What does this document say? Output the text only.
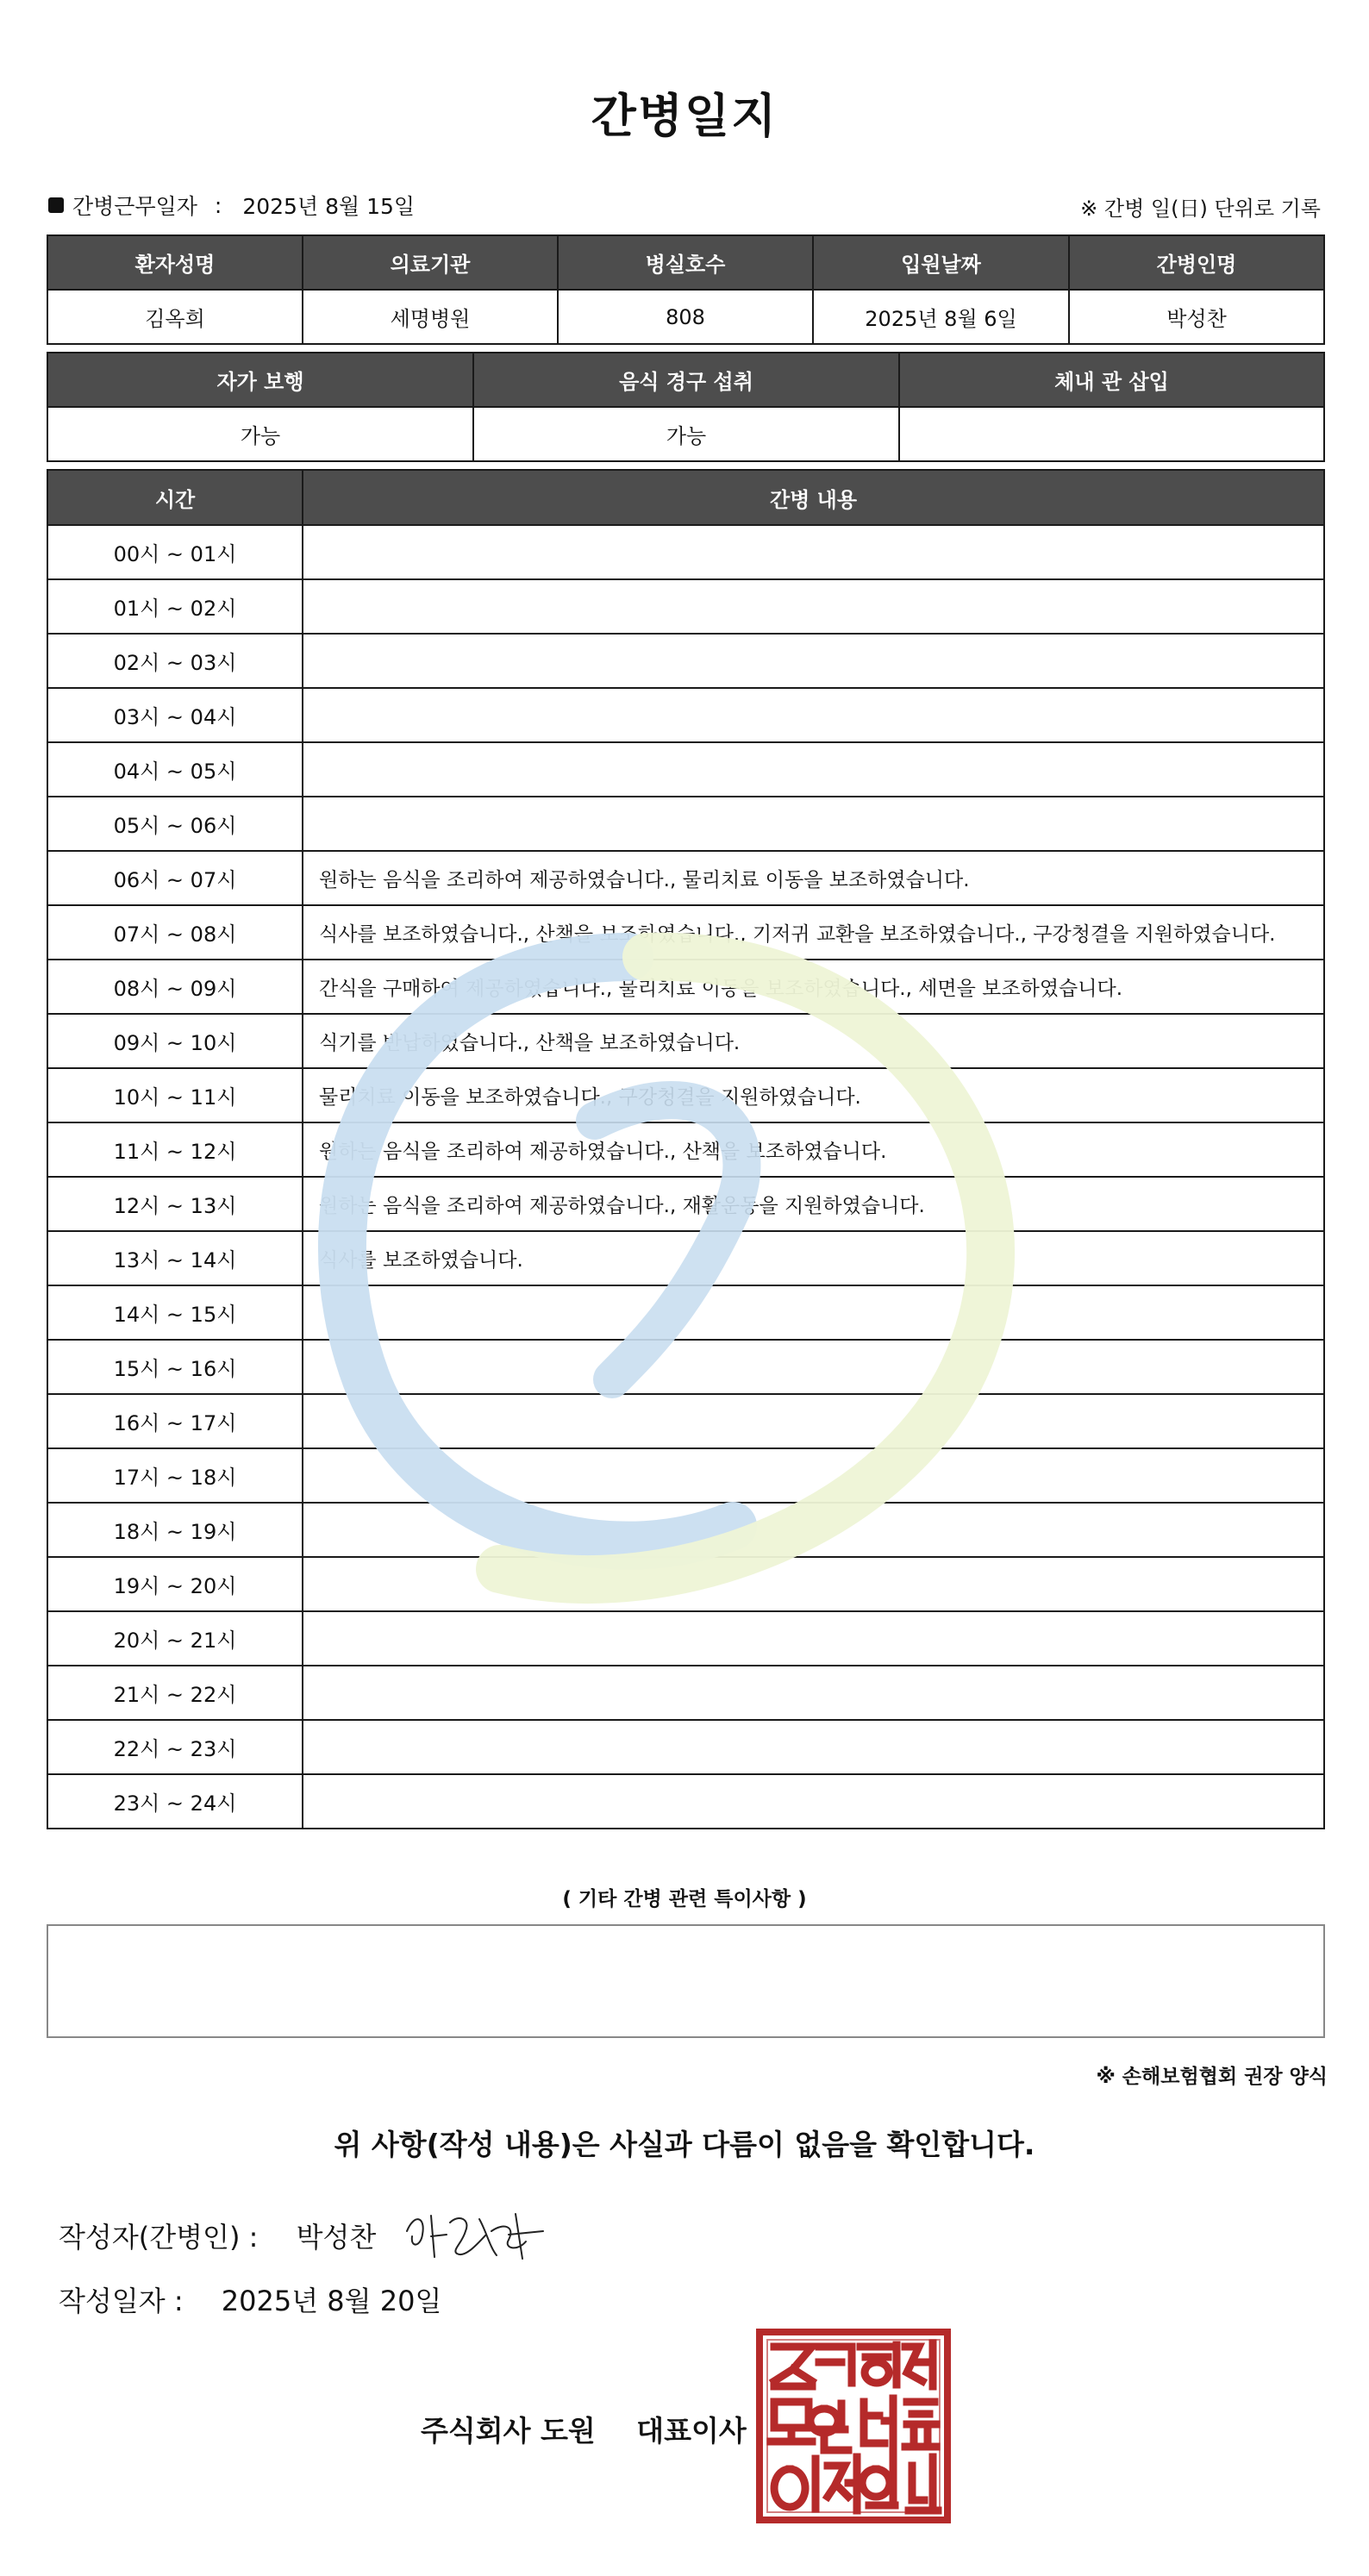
간병일지
간병근무일자 : 2025년 8월 15일	※ 간병 일(日) 단위로 기록
환자성명	의료기관	병실호수	입원날짜	간병인명
김옥희	세명병원	808	2025년 8월 6일	박성찬
자가 보행	음식 경구 섭취	체내 관 삽입
가능	가능	
시간	간병 내용
00시 ~ 01시	
01시 ~ 02시	
02시 ~ 03시	
03시 ~ 04시	
04시 ~ 05시	
05시 ~ 06시	
06시 ~ 07시	원하는 음식을 조리하여 제공하였습니다., 물리치료 이동을 보조하였습니다.
07시 ~ 08시	식사를 보조하였습니다., 산책을 보조하였습니다., 기저귀 교환을 보조하였습니다., 구강청결을 지원하였습니다.
08시 ~ 09시	간식을 구매하여 제공하였습니다., 물리치료 이동을 보조하였습니다., 세면을 보조하였습니다.
09시 ~ 10시	식기를 반납하였습니다., 산책을 보조하였습니다.
10시 ~ 11시	물리치료 이동을 보조하였습니다., 구강청결을 지원하였습니다.
11시 ~ 12시	원하는 음식을 조리하여 제공하였습니다., 산책을 보조하였습니다.
12시 ~ 13시	원하는 음식을 조리하여 제공하였습니다., 재활운동을 지원하였습니다.
13시 ~ 14시	식사를 보조하였습니다.
14시 ~ 15시	
15시 ~ 16시	
16시 ~ 17시	
17시 ~ 18시	
18시 ~ 19시	
19시 ~ 20시	
20시 ~ 21시	
21시 ~ 22시	
22시 ~ 23시	
23시 ~ 24시	
( 기타 간병 관련 특이사항 )
※ 손해보험협회 권장 양식
위 사항(작성 내용)은 사실과 다름이 없음을 확인합니다.
작성자(간병인) : 박성찬
작성일자 : 2025년 8월 20일
주식회사 도원 대표이사
